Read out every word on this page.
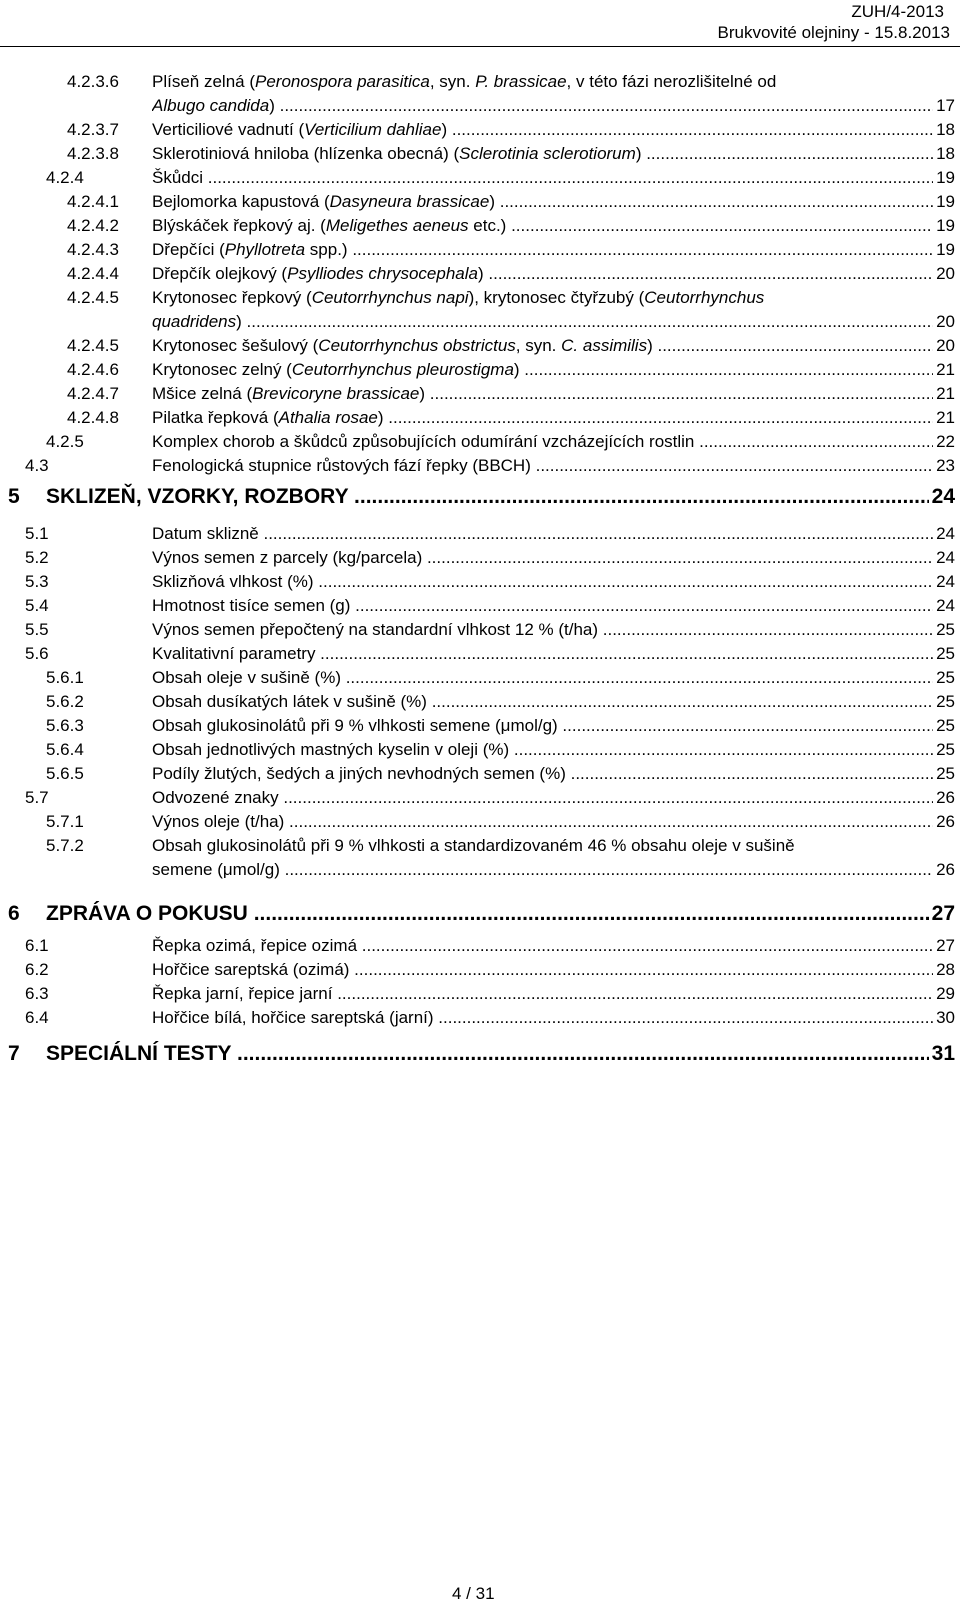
ZUH/4-2013
Brukvovité olejniny - 15.8.2013
4.2.3.6 Plíseň zelná (Peronospora parasitica, syn. P. brassicae, v této fázi nerozlišitelné od
Albugo candida) .....	17
4.2.3.7 Verticiliové vadnutí (Verticilium dahliae) .....	18
4.2.3.8 Sklerotiniová hniloba (hlízenka obecná) (Sclerotinia sclerotiorum) .....	18
4.2.4	Škůdci .....	19
4.2.4.1 Bejlomorka kapustová (Dasyneura brassicae) .....	19
4.2.4.2 Blýskáček řepkový aj. (Meligethes aeneus etc.) .....	19
4.2.4.3 Dřepčíci (Phyllotreta spp.) .....	19
4.2.4.4 Dřepčík olejkový (Psylliodes chrysocephala) .....	20
4.2.4.5 Krytonosec řepkový (Ceutorrhynchus napi), krytonosec čtyřzubý (Ceutorrhynchus
quadridens) .....	20
4.2.4.5 Krytonosec šešulový (Ceutorrhynchus obstrictus, syn. C. assimilis) .....	20
4.2.4.6 Krytonosec zelný (Ceutorrhynchus pleurostigma) .....	21
4.2.4.7 Mšice zelná (Brevicoryne brassicae) .....	21
4.2.4.8 Pilatka řepková (Athalia rosae) .....	21
4.2.5	Komplex chorob a škůdců způsobujících odumírání vzcházejících rostlin .....	22
4.3	Fenologická stupnice růstových fází řepky (BBCH) .....	23
5 SKLIZEŇ, VZORKY, ROZBORY .....	24
5.1	Datum sklizně .....	24
5.2	Výnos semen z parcely (kg/parcela) .....	24
5.3	Sklizňová vlhkost (%) .....	24
5.4	Hmotnost tisíce semen (g) .....	24
5.5	Výnos semen přepočtený na standardní vlhkost 12 % (t/ha) .....	25
5.6	Kvalitativní parametry .....	25
5.6.1	Obsah oleje v sušině (%) .....	25
5.6.2	Obsah dusíkatých látek v sušině (%) .....	25
5.6.3	Obsah glukosinolátů při 9 % vlhkosti semene (μmol/g) .....	25
5.6.4	Obsah jednotlivých mastných kyselin v oleji (%) .....	25
5.6.5	Podíly žlutých, šedých a jiných nevhodných semen (%) .....	25
5.7	Odvozené znaky .....	26
5.7.1	Výnos oleje (t/ha) .....	26
5.7.2	Obsah glukosinolátů při 9 % vlhkosti a standardizovaném 46 % obsahu oleje v sušině
semene (μmol/g) .....	26
6 ZPRÁVA O POKUSU .....	27
6.1	Řepka ozimá, řepice ozimá .....	27
6.2	Hořčice sareptská (ozimá) .....	28
6.3	Řepka jarní, řepice jarní .....	29
6.4	Hořčice bílá, hořčice sareptská (jarní) .....	30
7 SPECIÁLNÍ TESTY .....	31
4 / 31
